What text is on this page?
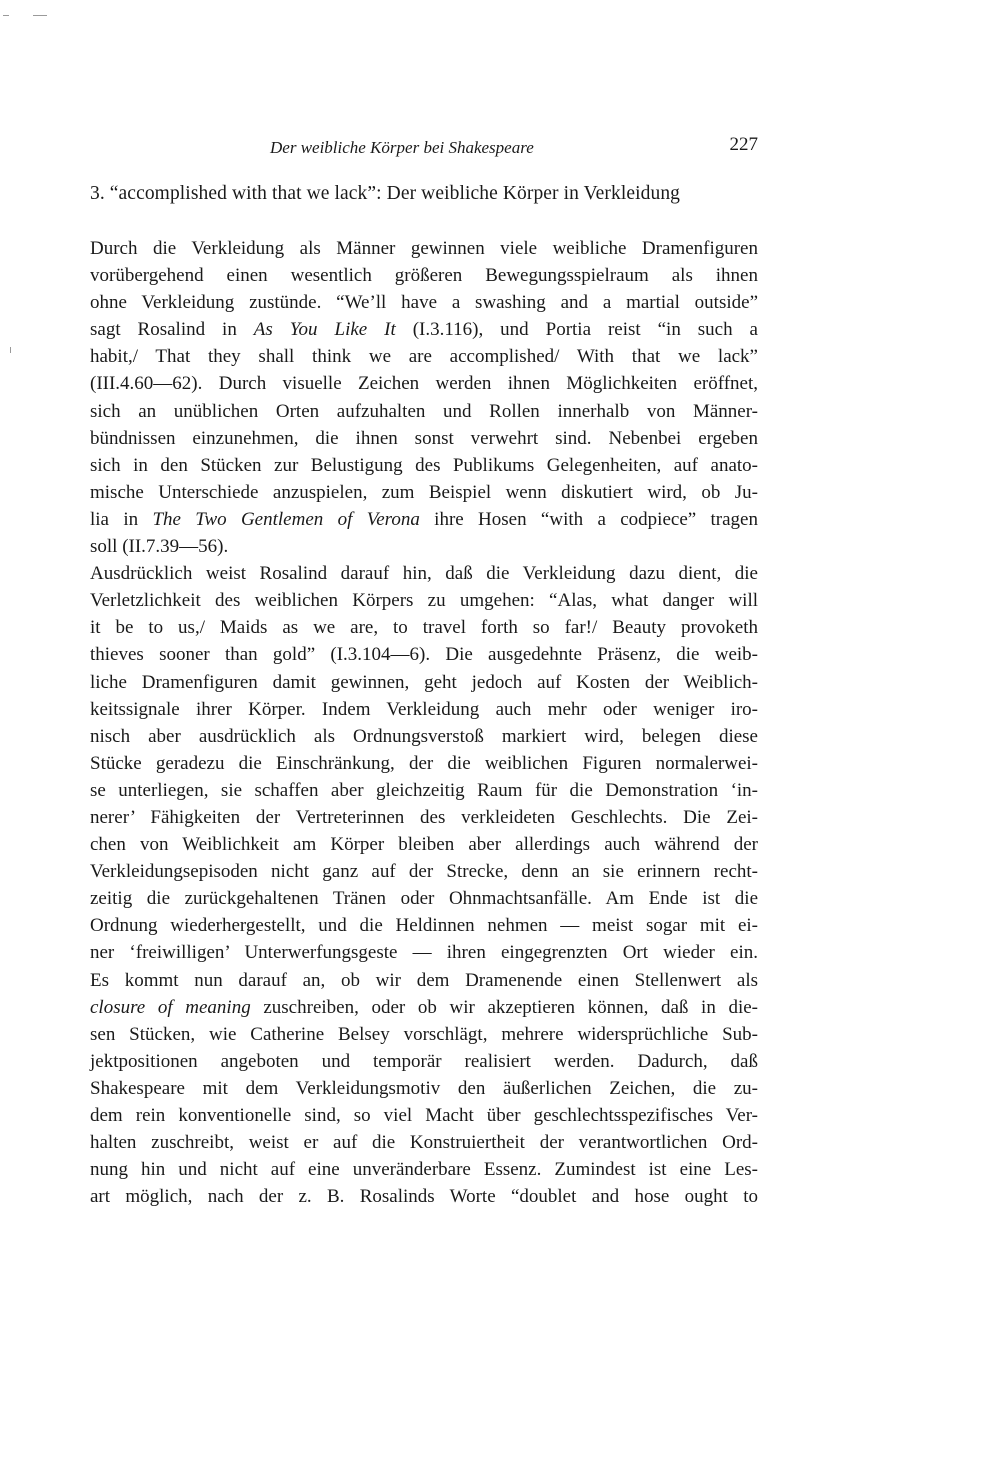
Der weibliche Körper bei Shakespeare	227
3. “accomplished with that we lack”: Der weibliche Körper in Verkleidung
Durch die Verkleidung als Männer gewinnen viele weibliche Dramenfiguren
vorübergehend einen wesentlich größeren Bewegungsspielraum als ihnen
ohne Verkleidung zustünde. “We’ll have a swashing and a martial outside”
sagt Rosalind in As You Like It (I.3.116), und Portia reist “in such a
habit,/ That they shall think we are accomplished/ With that we lack”
(III.4.60—62). Durch visuelle Zeichen werden ihnen Möglichkeiten eröffnet,
sich an unüblichen Orten aufzuhalten und Rollen innerhalb von Männer-
bündnissen einzunehmen, die ihnen sonst verwehrt sind. Nebenbei ergeben
sich in den Stücken zur Belustigung des Publikums Gelegenheiten, auf anato-
mische Unterschiede anzuspielen, zum Beispiel wenn diskutiert wird, ob Ju-
lia in The Two Gentlemen of Verona ihre Hosen “with a codpiece” tragen
soll (II.7.39—56).
Ausdrücklich weist Rosalind darauf hin, daß die Verkleidung dazu dient, die
Verletzlichkeit des weiblichen Körpers zu umgehen: “Alas, what danger will
it be to us,/ Maids as we are, to travel forth so far!/ Beauty provoketh
thieves sooner than gold” (I.3.104—6). Die ausgedehnte Präsenz, die weib-
liche Dramenfiguren damit gewinnen, geht jedoch auf Kosten der Weiblich-
keitssignale ihrer Körper. Indem Verkleidung auch mehr oder weniger iro-
nisch aber ausdrücklich als Ordnungsverstoß markiert wird, belegen diese
Stücke geradezu die Einschränkung, der die weiblichen Figuren normalerwei-
se unterliegen, sie schaffen aber gleichzeitig Raum für die Demonstration ‘in-
nerer’ Fähigkeiten der Vertreterinnen des verkleideten Geschlechts. Die Zei-
chen von Weiblichkeit am Körper bleiben aber allerdings auch während der
Verkleidungsepisoden nicht ganz auf der Strecke, denn an sie erinnern recht-
zeitig die zurückgehaltenen Tränen oder Ohnmachtsanfälle. Am Ende ist die
Ordnung wiederhergestellt, und die Heldinnen nehmen — meist sogar mit ei-
ner ‘freiwilligen’ Unterwerfungsgeste — ihren eingegrenzten Ort wieder ein.
Es kommt nun darauf an, ob wir dem Dramenende einen Stellenwert als
closure of meaning zuschreiben, oder ob wir akzeptieren können, daß in die-
sen Stücken, wie Catherine Belsey vorschlägt, mehrere widersprüchliche Sub-
jektpositionen angeboten und temporär realisiert werden. Dadurch, daß
Shakespeare mit dem Verkleidungsmotiv den äußerlichen Zeichen, die zu-
dem rein konventionelle sind, so viel Macht über geschlechtsspezifisches Ver-
halten zuschreibt, weist er auf die Konstruiertheit der verantwortlichen Ord-
nung hin und nicht auf eine unveränderbare Essenz. Zumindest ist eine Les-
art möglich, nach der z. B. Rosalinds Worte “doublet and hose ought to
